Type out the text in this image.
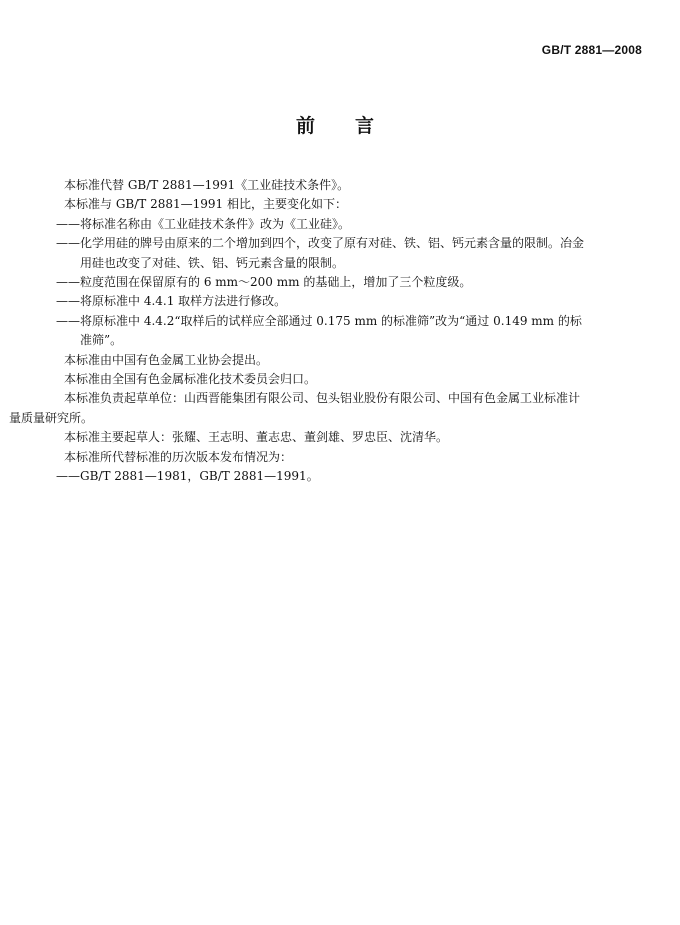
GB/T 2881—2008
前言

本标准代替 GB/T 2881—1991《工业硅技术条件》。

本标准与 GB/T 2881—1991 相比，主要变化如下：

——将标准名称由《工业硅技术条件》改为《工业硅》。

——化学用硅的牌号由原来的二个增加到四个，改变了原有对硅、铁、铝、钙元素含量的限制。冶金
用硅也改变了对硅、铁、铝、钙元素含量的限制。

——粒度范围在保留原有的 6 mm～200 mm 的基础上，增加了三个粒度级。

——将原标准中 4.4.1 取样方法进行修改。

——将原标准中 4.4.2“取样后的试样应全部通过 0.175 mm 的标准筛”改为“通过 0.149 mm 的标
准筛”。

本标准由中国有色金属工业协会提出。

本标准由全国有色金属标准化技术委员会归口。

本标准负责起草单位：山西晋能集团有限公司、包头铝业股份有限公司、中国有色金属工业标准计
量质量研究所。

本标准主要起草人：张耀、王志明、董志忠、董剑雄、罗忠臣、沈清华。

本标准所代替标准的历次版本发布情况为：

——GB/T 2881—1981，GB/T 2881—1991。
